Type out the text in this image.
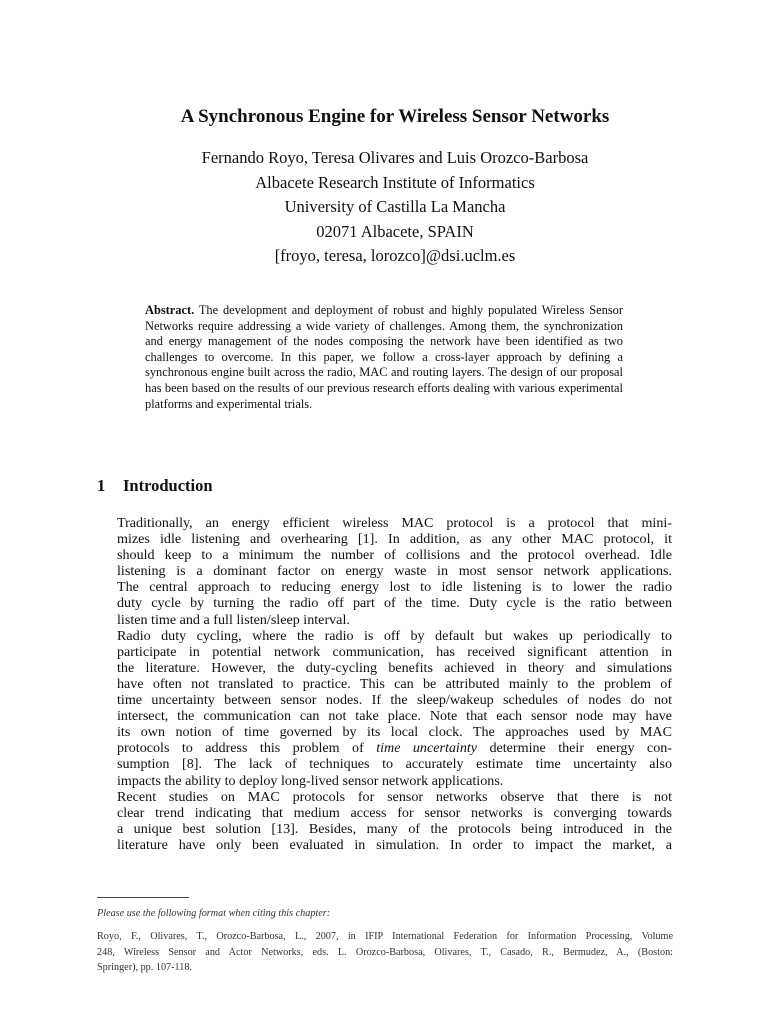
A Synchronous Engine for Wireless Sensor Networks
Fernando Royo, Teresa Olivares and Luis Orozco-Barbosa
Albacete Research Institute of Informatics
University of Castilla La Mancha
02071 Albacete, SPAIN
[froyo, teresa, lorozco]@dsi.uclm.es
Abstract. The development and deployment of robust and highly populated Wireless Sensor Networks require addressing a wide variety of challenges. Among them, the synchronization and energy management of the nodes composing the network have been identified as two challenges to overcome. In this paper, we follow a cross-layer approach by defining a synchronous engine built across the radio, MAC and routing layers. The design of our proposal has been based on the results of our previous research efforts dealing with various experimental platforms and experimental trials.
1 Introduction

Traditionally, an energy efficient wireless MAC protocol is a protocol that mini-
mizes idle listening and overhearing [1]. In addition, as any other MAC protocol, it
should keep to a minimum the number of collisions and the protocol overhead. Idle
listening is a dominant factor on energy waste in most sensor network applications.
The central approach to reducing energy lost to idle listening is to lower the radio
duty cycle by turning the radio off part of the time. Duty cycle is the ratio between
listen time and a full listen/sleep interval.

Radio duty cycling, where the radio is off by default but wakes up periodically to
participate in potential network communication, has received significant attention in
the literature. However, the duty-cycling benefits achieved in theory and simulations
have often not translated to practice. This can be attributed mainly to the problem of
time uncertainty between sensor nodes. If the sleep/wakeup schedules of nodes do not
intersect, the communication can not take place. Note that each sensor node may have
its own notion of time governed by its local clock. The approaches used by MAC
protocols to address this problem of time uncertainty determine their energy con-
sumption [8]. The lack of techniques to accurately estimate time uncertainty also
impacts the ability to deploy long-lived sensor network applications.

Recent studies on MAC protocols for sensor networks observe that there is not
clear trend indicating that medium access for sensor networks is converging towards
a unique best solution [13]. Besides, many of the protocols being introduced in the
literature have only been evaluated in simulation. In order to impact the market, a

Please use the following format when citing this chapter:
Royo, F., Olivares, T., Orozco-Barbosa, L., 2007, in IFIP International Federation for Information Processing, Volume
248, Wireless Sensor and Actor Networks, eds. L. Orozco-Barbosa, Olivares, T., Casado, R., Bermudez, A., (Boston:
Springer), pp. 107-118.
